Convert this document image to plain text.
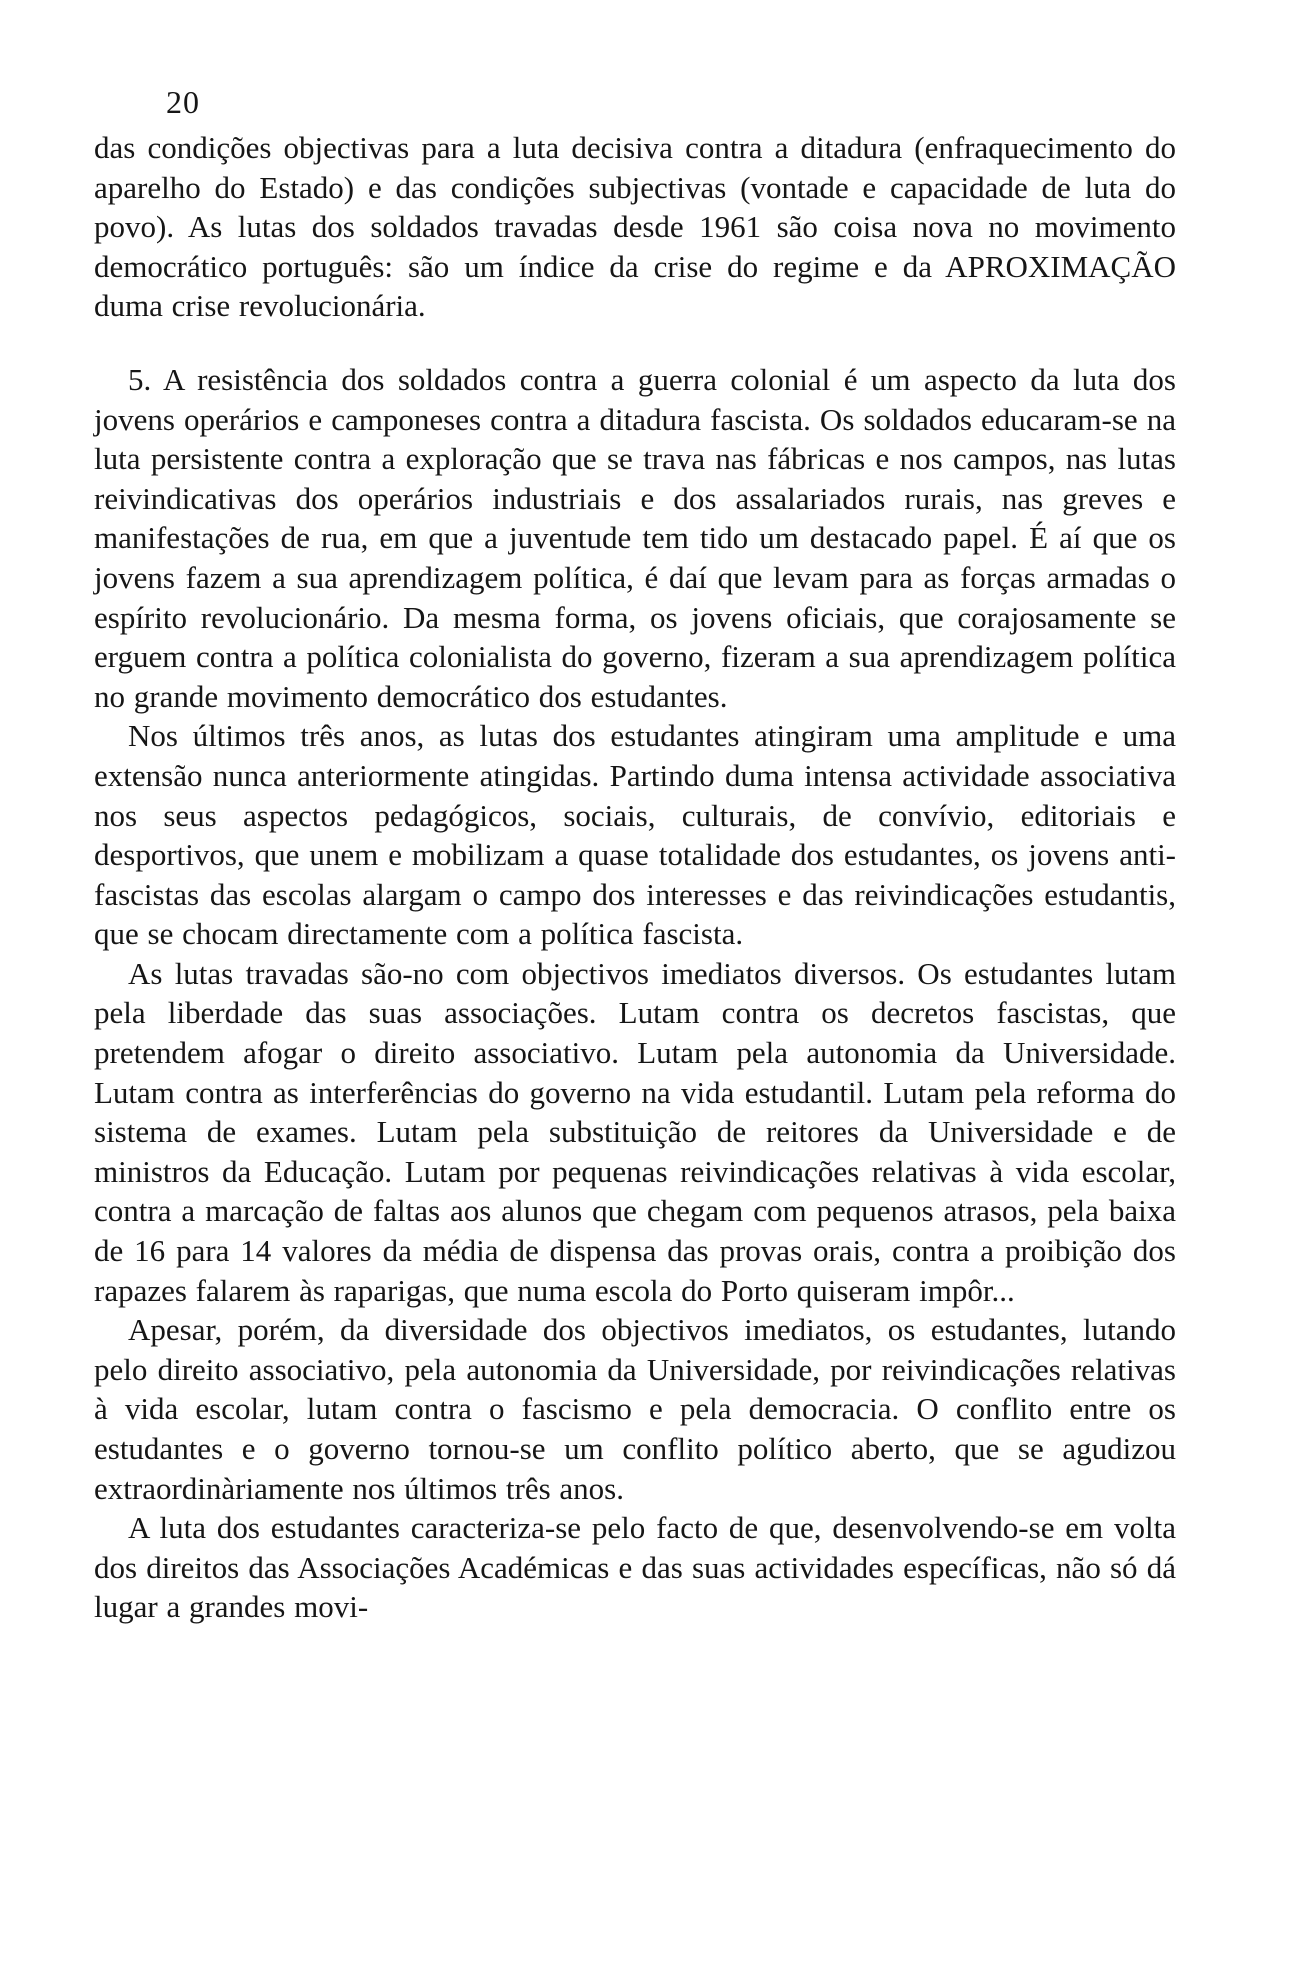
20

das condições objectivas para a luta decisiva contra a ditadura (enfraquecimento do aparelho do Estado) e das condições subjectivas (vontade e capacidade de luta do povo). As lutas dos soldados travadas desde 1961 são coisa nova no movimento democrático português: são um índice da crise do regime e da APROXIMAÇÃO duma crise revolucionária.

5. A resistência dos soldados contra a guerra colonial é um aspecto da luta dos jovens operários e camponeses contra a ditadura fascista. Os soldados educaram-se na luta persistente contra a exploração que se trava nas fábricas e nos campos, nas lutas reivindicativas dos operários industriais e dos assalariados rurais, nas greves e manifestações de rua, em que a juventude tem tido um destacado papel. É aí que os jovens fazem a sua aprendizagem política, é daí que levam para as forças armadas o espírito revolucionário. Da mesma forma, os jovens oficiais, que corajosamente se erguem contra a política colonialista do governo, fizeram a sua aprendizagem política no grande movimento democrático dos estudantes.

Nos últimos três anos, as lutas dos estudantes atingiram uma amplitude e uma extensão nunca anteriormente atingidas. Partindo duma intensa actividade associativa nos seus aspectos pedagógicos, sociais, culturais, de convívio, editoriais e desportivos, que unem e mobilizam a quase totalidade dos estudantes, os jovens anti-fascistas das escolas alargam o campo dos interesses e das reivindicações estudantis, que se chocam directamente com a política fascista.

As lutas travadas são-no com objectivos imediatos diversos. Os estudantes lutam pela liberdade das suas associações. Lutam contra os decretos fascistas, que pretendem afogar o direito associativo. Lutam pela autonomia da Universidade. Lutam contra as interferências do governo na vida estudantil. Lutam pela reforma do sistema de exames. Lutam pela substituição de reitores da Universidade e de ministros da Educação. Lutam por pequenas reivindicações relativas à vida escolar, contra a marcação de faltas aos alunos que chegam com pequenos atrasos, pela baixa de 16 para 14 valores da média de dispensa das provas orais, contra a proibição dos rapazes falarem às raparigas, que numa escola do Porto quiseram impôr...

Apesar, porém, da diversidade dos objectivos imediatos, os estudantes, lutando pelo direito associativo, pela autonomia da Universidade, por reivindicações relativas à vida escolar, lutam contra o fascismo e pela democracia. O conflito entre os estudantes e o governo tornou-se um conflito político aberto, que se agudizou extraordinàriamente nos últimos três anos.

A luta dos estudantes caracteriza-se pelo facto de que, desenvolvendo-se em volta dos direitos das Associações Académicas e das suas actividades específicas, não só dá lugar a grandes movi-
